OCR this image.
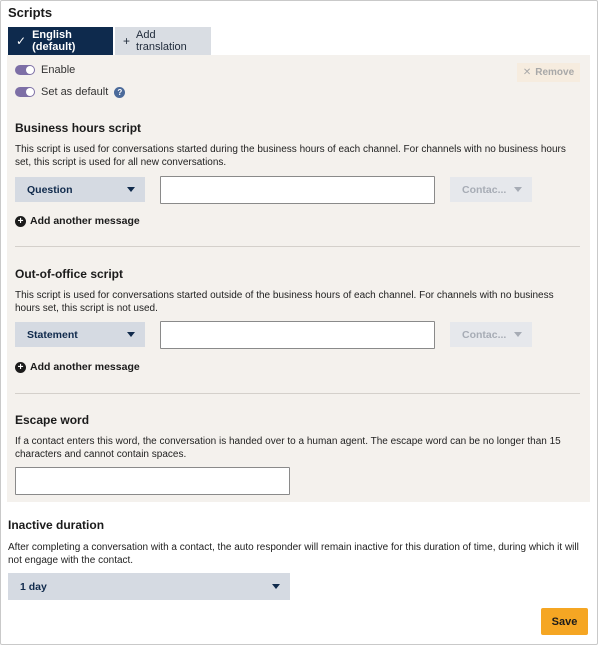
Scripts
✓ English (default)	+ Add translation
Enable
Set as default	?
✕ Remove
Business hours script
This script is used for conversations started during the business hours of each channel. For channels with no business hours set, this script is used for all new conversations.
Question	Contac...
+ Add another message
Out-of-office script
This script is used for conversations started outside of the business hours of each channel. For channels with no business hours set, this script is not used.
Statement	Contac...
+ Add another message
Escape word
If a contact enters this word, the conversation is handed over to a human agent. The escape word can be no longer than 15 characters and cannot contain spaces.
Inactive duration
After completing a conversation with a contact, the auto responder will remain inactive for this duration of time, during which it will not engage with the contact.
1 day
Save
